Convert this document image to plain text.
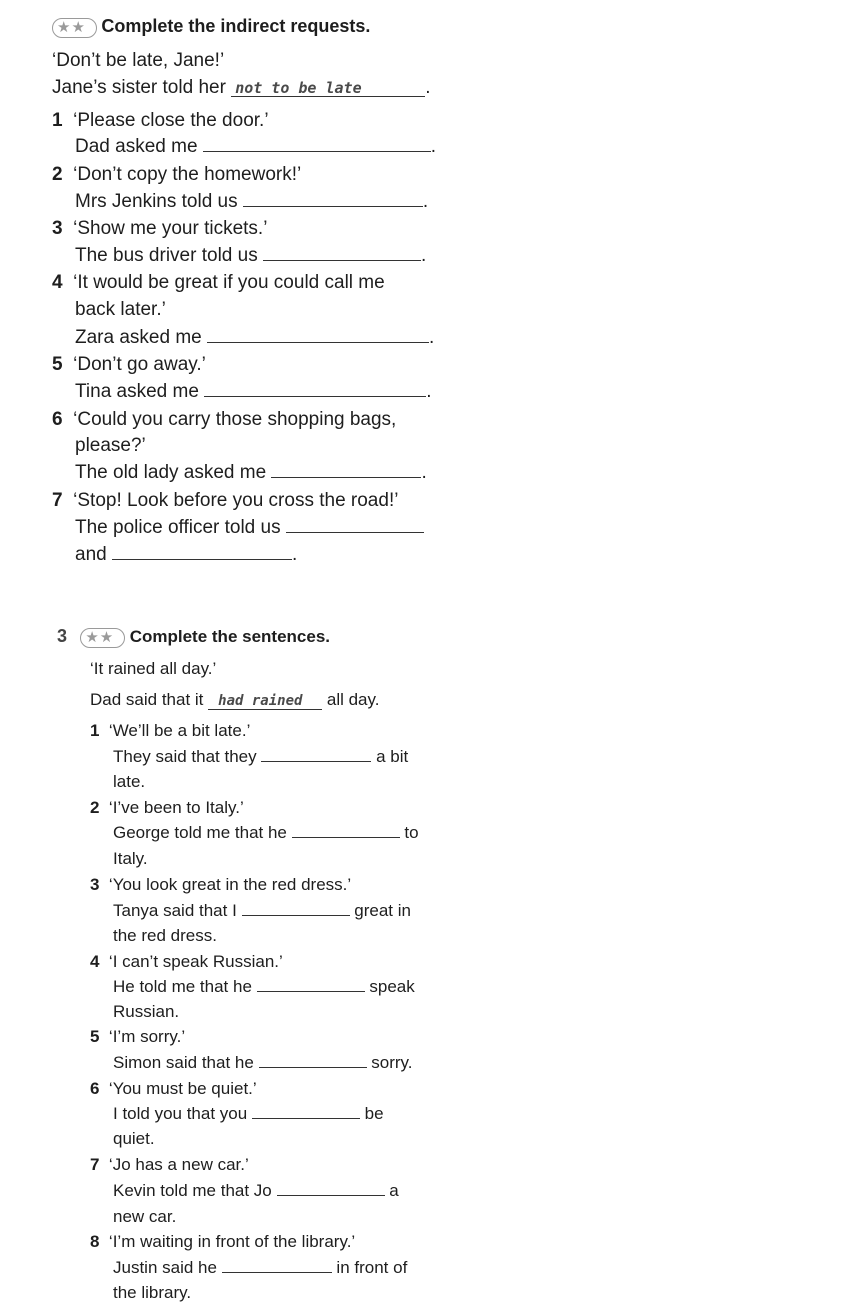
★★ Complete the indirect requests.
‘Don’t be late, Jane!’
Jane’s sister told her not to be late	.
1 ‘Please close the door.’
Dad asked me	.
2 ‘Don’t copy the homework!’
Mrs Jenkins told us	.
3 ‘Show me your tickets.’
The bus driver told us	.
4 ‘It would be great if you could call me
back later.’
Zara asked me	.
5 ‘Don’t go away.’
Tina asked me	.
6 ‘Could you carry those shopping bags,
please?’
The old lady asked me	.
7 ‘Stop! Look before you cross the road!’
The police officer told us
and	.
3 ★★ Complete the sentences.
‘It rained all day.’
Dad said that it had rained all day.
1 ‘We’ll be a bit late.’
They said that they	a bit
late.
2 ‘I’ve been to Italy.’
George told me that he	to
Italy.
3 ‘You look great in the red dress.’
Tanya said that I	great in
the red dress.
4 ‘I can’t speak Russian.’
He told me that he	speak
Russian.
5 ‘I’m sorry.’
Simon said that he	sorry.
6 ‘You must be quiet.’
I told you that you	be
quiet.
7 ‘Jo has a new car.’
Kevin told me that Jo	a
new car.
8 ‘I’m waiting in front of the library.’
Justin said he	in front of
the library.
